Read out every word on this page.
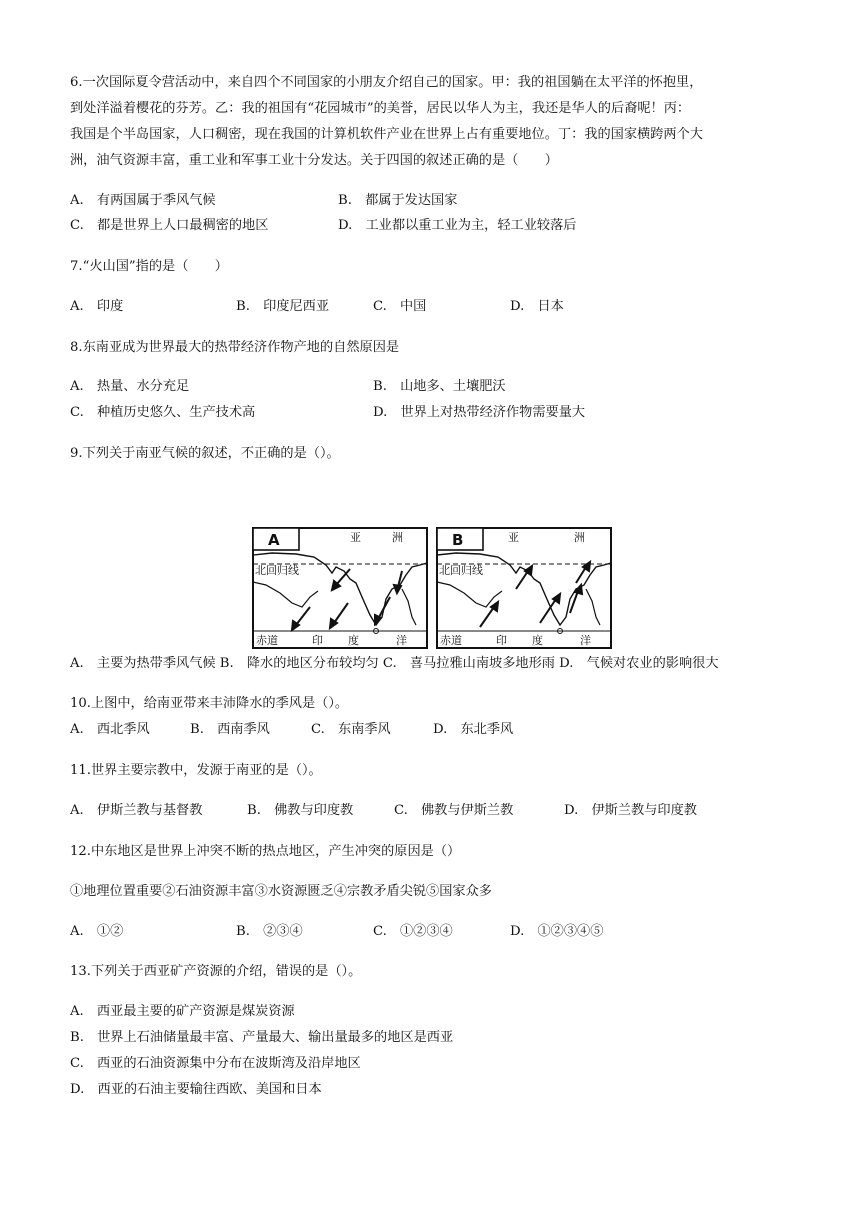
6.一次国际夏令营活动中，来自四个不同国家的小朋友介绍自己的国家。甲：我的祖国躺在太平洋的怀抱里，
到处洋溢着樱花的芬芳。乙：我的祖国有“花园城市”的美誉，居民以华人为主，我还是华人的后裔呢！丙：
我国是个半岛国家，人口稠密，现在我国的计算机软件产业在世界上占有重要地位。丁：我的国家横跨两个大
洲，油气资源丰富，重工业和军事工业十分发达。关于四国的叙述正确的是（　　）
A.　有两国属于季风气候	B.　都属于发达国家
C.　都是世界上人口最稠密的地区	D.　工业都以重工业为主，轻工业较落后
7.“火山国”指的是（　　）
A.　印度	B.　印度尼西亚	C.　中国	D.　日本
8.东南亚成为世界最大的热带经济作物产地的自然原因是
A.　热量、水分充足	B.　山地多、土壤肥沃
C.　种植历史悠久、生产技术高	D.　世界上对热带经济作物需要量大
9.下列关于南亚气候的叙述，不正确的是（）。
A	亚	洲
北回归线
赤道	印 度	洋
B	亚	洲
北回归线
赤道	印 度	洋
A.　主要为热带季风气候 B.　降水的地区分布较均匀 C.　喜马拉雅山南坡多地形雨 D.　气候对农业的影响很大
10.上图中，给南亚带来丰沛降水的季风是（）。
A.　西北季风	B.　西南季风	C.　东南季风	D.　东北季风
11.世界主要宗教中，发源于南亚的是（）。
A.　伊斯兰教与基督教	B.　佛教与印度教	C.　佛教与伊斯兰教	D.　伊斯兰教与印度教
12.中东地区是世界上冲突不断的热点地区，产生冲突的原因是（）
①地理位置重要②石油资源丰富③水资源匮乏④宗教矛盾尖锐⑤国家众多
A.　①②	B.　②③④	C.　①②③④	D.　①②③④⑤
13.下列关于西亚矿产资源的介绍，错误的是（）。
A.　西亚最主要的矿产资源是煤炭资源
B.　世界上石油储量最丰富、产量最大、输出量最多的地区是西亚
C.　西亚的石油资源集中分布在波斯湾及沿岸地区
D.　西亚的石油主要输往西欧、美国和日本
